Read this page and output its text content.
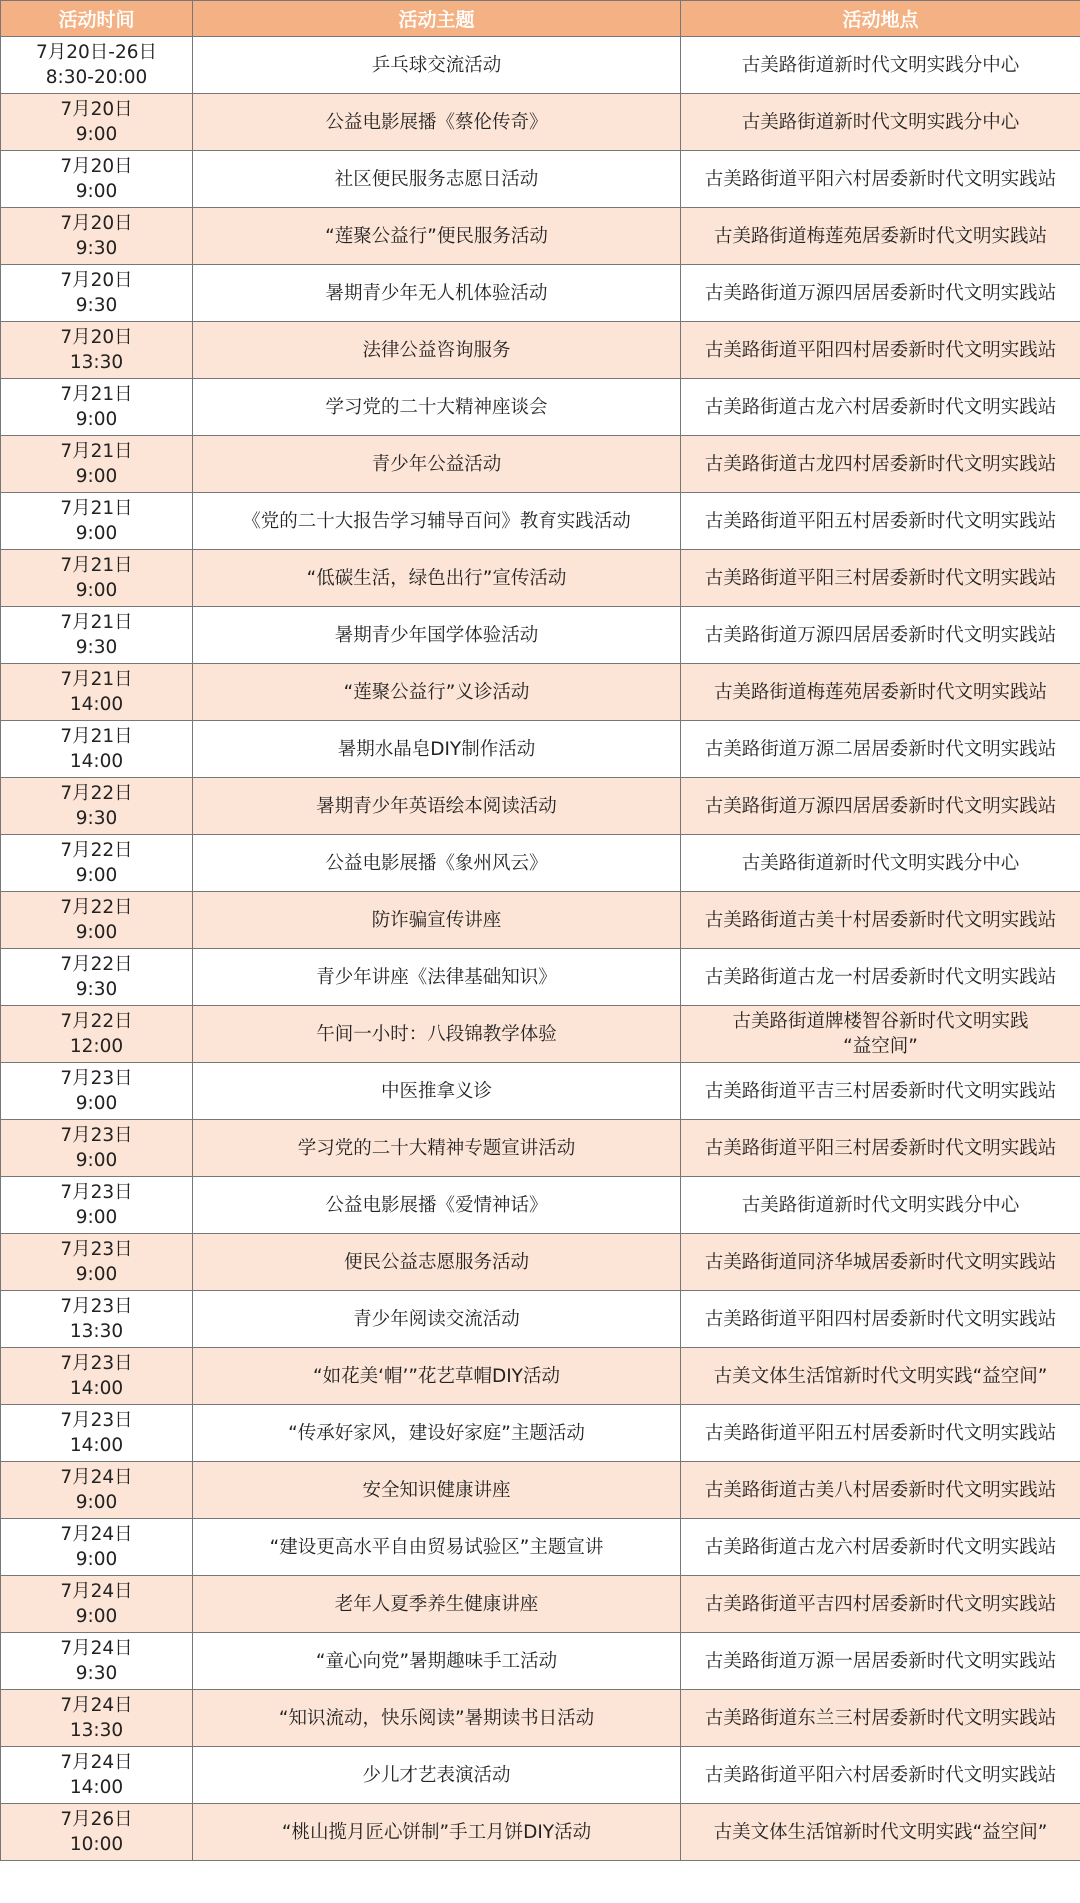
活动时间	活动主题	活动地点

7月20日-26日
8:30-20:00	乒乓球交流活动	古美路街道新时代文明实践分中心

7月20日
9:00	公益电影展播《蔡伦传奇》	古美路街道新时代文明实践分中心

7月20日
9:00	社区便民服务志愿日活动	古美路街道平阳六村居委新时代文明实践站

7月20日
9:30	“莲聚公益行”便民服务活动	古美路街道梅莲苑居委新时代文明实践站

7月20日
9:30	暑期青少年无人机体验活动	古美路街道万源四居居委新时代文明实践站

7月20日
13:30	法律公益咨询服务	古美路街道平阳四村居委新时代文明实践站

7月21日
9:00	学习党的二十大精神座谈会	古美路街道古龙六村居委新时代文明实践站

7月21日
9:00	青少年公益活动	古美路街道古龙四村居委新时代文明实践站

7月21日
9:00	《党的二十大报告学习辅导百问》教育实践活动	古美路街道平阳五村居委新时代文明实践站

7月21日
9:00	“低碳生活，绿色出行”宣传活动	古美路街道平阳三村居委新时代文明实践站

7月21日
9:30	暑期青少年国学体验活动	古美路街道万源四居居委新时代文明实践站

7月21日
14:00	“莲聚公益行”义诊活动	古美路街道梅莲苑居委新时代文明实践站

7月21日
14:00	暑期水晶皂DIY制作活动	古美路街道万源二居居委新时代文明实践站

7月22日
9:30	暑期青少年英语绘本阅读活动	古美路街道万源四居居委新时代文明实践站

7月22日
9:00	公益电影展播《象州风云》	古美路街道新时代文明实践分中心

7月22日
9:00	防诈骗宣传讲座	古美路街道古美十村居委新时代文明实践站

7月22日
9:30	青少年讲座《法律基础知识》	古美路街道古龙一村居委新时代文明实践站

7月22日
12:00	午间一小时：八段锦教学体验	古美路街道牌楼智谷新时代文明实践
“益空间”

7月23日
9:00	中医推拿义诊	古美路街道平吉三村居委新时代文明实践站

7月23日
9:00	学习党的二十大精神专题宣讲活动	古美路街道平阳三村居委新时代文明实践站

7月23日
9:00	公益电影展播《爱情神话》	古美路街道新时代文明实践分中心

7月23日
9:00	便民公益志愿服务活动	古美路街道同济华城居委新时代文明实践站

7月23日
13:30	青少年阅读交流活动	古美路街道平阳四村居委新时代文明实践站

7月23日
14:00	“如花美‘帽’”花艺草帽DIY活动	古美文体生活馆新时代文明实践“益空间”

7月23日
14:00	“传承好家风，建设好家庭”主题活动	古美路街道平阳五村居委新时代文明实践站

7月24日
9:00	安全知识健康讲座	古美路街道古美八村居委新时代文明实践站

7月24日
9:00	“建设更高水平自由贸易试验区”主题宣讲	古美路街道古龙六村居委新时代文明实践站

7月24日
9:00	老年人夏季养生健康讲座	古美路街道平吉四村居委新时代文明实践站

7月24日
9:30	“童心向党”暑期趣味手工活动	古美路街道万源一居居委新时代文明实践站

7月24日
13:30	“知识流动，快乐阅读”暑期读书日活动	古美路街道东兰三村居委新时代文明实践站

7月24日
14:00	少儿才艺表演活动	古美路街道平阳六村居委新时代文明实践站

7月26日
10:00	“桃山揽月匠心饼制”手工月饼DIY活动	古美文体生活馆新时代文明实践“益空间”
